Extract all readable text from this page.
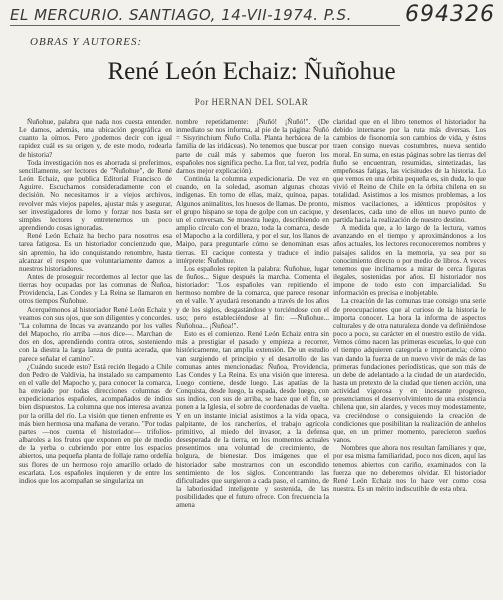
EL MERCURIO. SANTIAGO, 14-VII-1974. P.S.	694326
OBRAS Y AUTORES:
René León Echaiz: Ñuñohue
Por HERNAN DEL SOLAR

Ñuñohue, palabra que nada nos cuesta entender. Le damos, además, una ubicación geográfica en cuanto la oímos. Pero ¿podemos decir con igual rapidez cuál es su origen y, de este modo, rodearla de historia?

Toda investigación nos es ahorrada si preferimos, sencillamente, ser lectores de "Ñuñohue", de René León Echaiz, que publica Editorial Francisco de Aguirre. Escuchamos consideradamente con el decisión. No necesitamos ir a viejos archivos, revolver más viejos papeles, ajustar más y asegurar, ser investigadores de lomo y forzar nos basta ser simples lectores y entretenernos un poco aprendiendo cosas ignoradas.

René León Echaiz ha hecho para nosotros esa tarea fatigosa. Es un historiador concienzudo que, sin apremio, ha ido conquistando renombre, hasta alcanzar el respeto que voluntariamente damos a nuestros historiadores.

Antes de proseguir recordemos al lector que las tierras hoy ocupadas por las comunas de Ñuñoa, Providencia, Las Condes y La Reina se llamaron en otros tiempos Ñuñohue.

Acerquémonos al historiador René León Echaiz y veamos con sus ojos, que son diligentes y concordes. "La columna de Incas va avanzando por los valles del Mapocho, río arriba —nos dice—. Marchan de dos en dos, aprendiendo contra otros, sosteniendo con la diestra la larga lanza de punta acerada, que parece señalar el camino".

¿Cuándo sucede esto? Está recién llegado a Chile don Pedro de Valdivia, ha instalado su campamento en el valle del Mapocho y, para conocer la comarca, ha enviado por todas direcciones columnas de expedicionarios españoles, acompañados de indios bien dispuestos. La columna que nos interesa avanza por la orilla del río. La visión que tienen enfrente es más bien hermosa una mañana de verano. "Por todas partes —nos cuenta el historiador— trifolios-albaroles a los frutos que exponen en pie de medio de la yerba o cubriendo por entre los espacios abiertos, una pequeña planta de follaje ramo ordeñía sus flores de un hermoso rojo amarillo orlado de escarlata. Los españoles inquieren y de entre los indios que los acompañan se singulariza un

nombre repetidamente: ¡Ñuñó! ¡Ñuñó!". (De inmediato se nos informa, al pie de la página: Ñuñó = Sisyrinchium Ñuño Colla. Planta herbácea de la familia de las iridáceas). No tenemos que buscar por parte de cuál más y sabemos que fueron los españoles nos significa pecho. La flor, tal vez, podría darnos mejor explicación).

Continúa la columna expedicionaria. De vez en cuando, en la soledad, asoman algunas chozas indígenas. En torno de ellas, maíz, quínoa, papas. Algunos animalitos, los huesos de llamas. De pronto, el grupo hispano se topa de golpe con un cacique, y un el conversan. Se muestra luego, describiendo en amplio círculo con el brazo, toda la comarca, desde el Mapocho a la cordillera, y por el sur, los llanos de Maipo, para preguntarle cómo se denominan esas tierras. El cacique contesta y traduce el indio intérprete: Ñuñohue.

Los españoles repiten la palabra: Ñuñohue, lugar de ñuños... Sigue después la marcha. Comenta el historiador: "Los españoles van repitiendo el hermoso nombre de la comarca, que parece resonar en el valle. Y ayudará resonando a través de los años y de los siglos, desgastándose y torciéndose con el uso; pero estableciéndose al fin: —Ñuñohue... Ñuñohoa... ¡Ñuñoa!".

Esto es el comienzo. René León Echaiz entra sin más a prestigiar el pasado y empieza a recorrer, históricamente, tan amplia extensión. De un estudio van surgiendo el principio y el desarrollo de las comunas antes mencionadas: Ñuñoa, Providencia, Las Condes y La Reina. Es una visión que interesa. Luego contiene, desde luego. Las apatías de la Conquista, desde luego, la espada, desde luego, con sus indios, con sus de arriba, se hace que el fin, se ponen a la Iglesia, el sobre de coordenadas de vuelta. Y en un instante inicial asistimos a la vida opaca, palpitante, de los rancheríos, el trabajo agrícola primitivo, al miedo del invasor, a la defensa desesperada de la tierra, en los momentos actuales presentimos una voluntad de crecimiento, de holgura, de bienestar. Dos imágenes que el historiador sabe mostrarnos con un escondido sentimiento de los siglos. Concentrando las dificultades que surgieron a cada paso, el camino, de la laboriosidad inteligente y sostenida, de las posibilidades que el futuro ofrece. Con frecuencia la amena

claridad que en el libro tenemos el historiador ha debido internarse por la ruta más diversas. Los cambios de fisonomía son cambios de vida, y éstos traen consigo nuevas costumbres, nueva sentido moral. En suma, en estas páginas sobre las tierras del ñuño se encuentran, resumidas, sintetizadas, las empeñosas fatigas, las vicisitudes de la historia. Lo que vemos en una órbita pequeña es, sin duda, lo que vivió el Reino de Chile en la órbita chilena en su totalidad. Asistimos a los mismos problemas, a los mismos vacilaciones, a idénticos propósitos y desenlaces, cada uno de ellos un nuevo punto de partida hacia la realización de nuestro destino.

A medida que, a lo largo de la lectura, vamos avanzando en el tiempo y aproximándonos a los años actuales, los lectores reconoceremos nombres y paisajes salidos en la memoria, ya sea por su conocimiento directo o por medio de libros. A veces tenemos que inclinarnos a mirar de cerca figuras ilegales, sostenidas por años. El historiador nos impone de todo esto con imparcialidad. Su información es precisa e inobjetable.

La creación de las comunas trae consigo una serie de preocupaciones que al curioso de la historia le importa conocer. La hora la informa de aspectos culturales y de otra naturaleza donde va definiéndose poco a poco, su carácter en el nuestro estilo de vida. Vemos cómo nacen las primeras escuelas, lo que con el tiempo adquieren categoría e importancia; cómo van dando la fuerza de un nuevo vivir de más de las primeras fundaciones periodísticas, que son más de un debe de adelantado a la ciudad de un atardecido, hasta un pretexto de la ciudad que tienen acción, una actividad vigorosa y en incesante progreso, presenciamos el desenvolvimiento de una existencia chilena que, sin alardes, y veces muy modestamente, va creciéndose o consiguiendo la creación de condiciones que posibilitan la realización de anhelos que, en un primer momento, parecieron sueños vanos.

Nombres que ahora nos resultan familiares y que, por esa misma familiaridad, poco nos dicen, aquí las tenemos abiertos con cariño, examinados con la fuerza que no deberemos olvidar. El historiador René León Echaiz nos lo hace ver como cosa nuestra. Es un mérito indiscutible de esta obra.
